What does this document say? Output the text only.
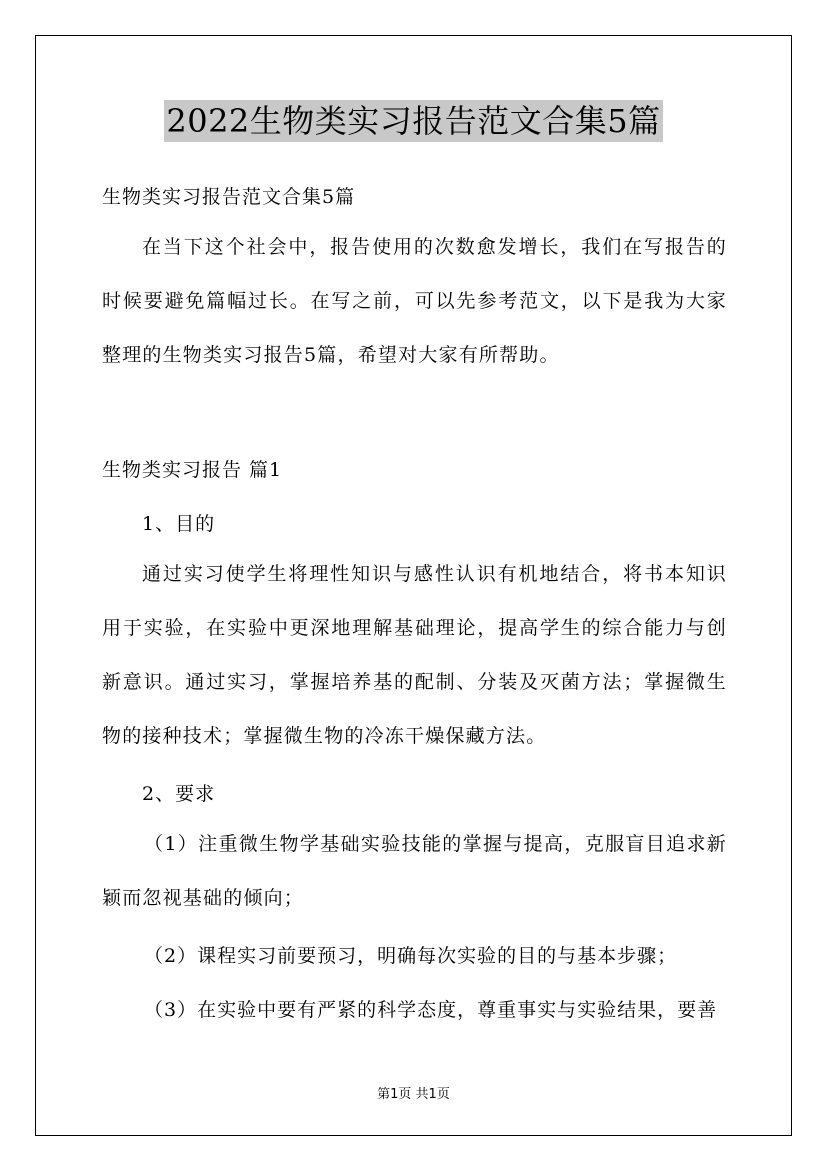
2022生物类实习报告范文合集5篇
生物类实习报告范文合集5篇
在当下这个社会中，报告使用的次数愈发增长，我们在写报告的时候要避免篇幅过长。在写之前，可以先参考范文，以下是我为大家整理的生物类实习报告5篇，希望对大家有所帮助。
生物类实习报告 篇1
1、目的
通过实习使学生将理性知识与感性认识有机地结合，将书本知识用于实验，在实验中更深地理解基础理论，提高学生的综合能力与创新意识。通过实习，掌握培养基的配制、分装及灭菌方法；掌握微生物的接种技术；掌握微生物的冷冻干燥保藏方法。
2、要求
（1）注重微生物学基础实验技能的掌握与提高，克服盲目追求新颖而忽视基础的倾向；
（2）课程实习前要预习，明确每次实验的目的与基本步骤；
（3）在实验中要有严紧的科学态度，尊重事实与实验结果，要善
第1页 共1页
